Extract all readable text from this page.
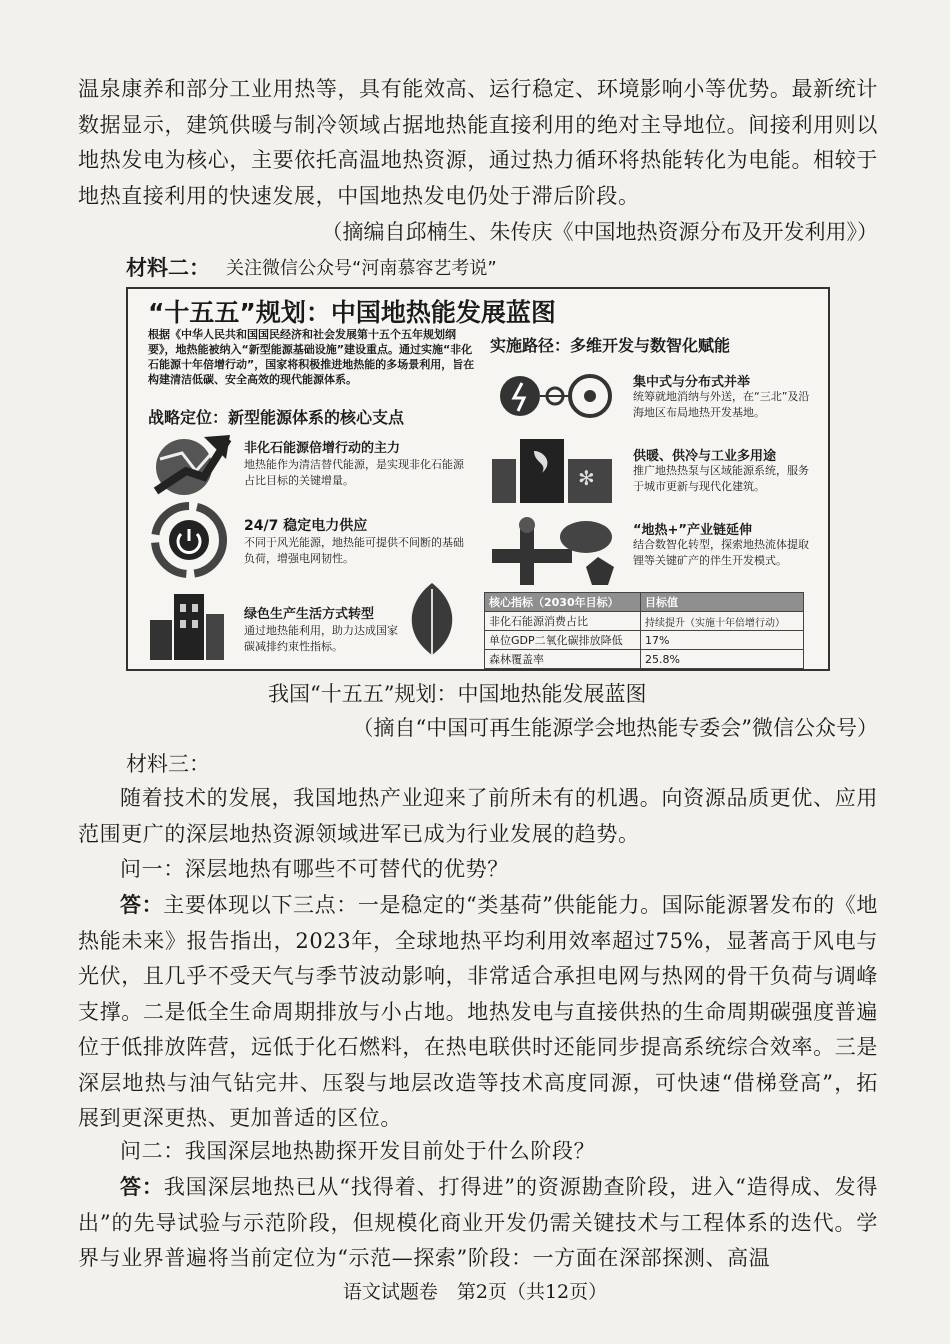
温泉康养和部分工业用热等，具有能效高、运行稳定、环境影响小等优势。最新统计数据显示，建筑供暖与制冷领域占据地热能直接利用的绝对主导地位。间接利用则以地热发电为核心，主要依托高温地热资源，通过热力循环将热能转化为电能。相较于地热直接利用的快速发展，中国地热发电仍处于滞后阶段。

（摘编自邱楠生、朱传庆《中国地热资源分布及开发利用》）
材料二： 关注微信公众号“河南慕容艺考说”
“十五五”规划：中国地热能发展蓝图
根据《中华人民共和国国民经济和社会发展第十五个五年规划纲要》，地热能被纳入“新型能源基础设施”建设重点。通过实施“非化石能源十年倍增行动”，国家将积极推进地热能的多场景利用，旨在构建清洁低碳、安全高效的现代能源体系。
战略定位：新型能源体系的核心支点
实施路径：多维开发与数智化赋能
非化石能源倍增行动的主力
地热能作为清洁替代能源，是实现非化石能源占比目标的关键增量。
24/7 稳定电力供应
不同于风光能源，地热能可提供不间断的基础负荷，增强电网韧性。
绿色生产生活方式转型
通过地热能利用，助力达成国家碳减排约束性指标。
✻
集中式与分布式并举
统筹就地消纳与外送，在“三北”及沿海地区布局地热开发基地。
供暖、供冷与工业多用途
推广地热热泵与区域能源系统，服务于城市更新与现代化建筑。
“地热+”产业链延伸
结合数智化转型，探索地热流体提取锂等关键矿产的伴生开发模式。
核心指标（2030年目标）	目标值
非化石能源消费占比	持续提升（实施十年倍增行动）
单位GDP二氧化碳排放降低	17%
森林覆盖率	25.8%
我国“十五五”规划：中国地热能发展蓝图
（摘自“中国可再生能源学会地热能专委会”微信公众号）
材料三：

随着技术的发展，我国地热产业迎来了前所未有的机遇。向资源品质更优、应用范围更广的深层地热资源领域进军已成为行业发展的趋势。

问一：深层地热有哪些不可替代的优势？

答：主要体现以下三点：一是稳定的“类基荷”供能能力。国际能源署发布的《地热能未来》报告指出，2023年，全球地热平均利用效率超过75%，显著高于风电与光伏，且几乎不受天气与季节波动影响，非常适合承担电网与热网的骨干负荷与调峰支撑。二是低全生命周期排放与小占地。地热发电与直接供热的生命周期碳强度普遍位于低排放阵营，远低于化石燃料，在热电联供时还能同步提高系统综合效率。三是深层地热与油气钻完井、压裂与地层改造等技术高度同源，可快速“借梯登高”，拓展到更深更热、更加普适的区位。

问二：我国深层地热勘探开发目前处于什么阶段？

答：我国深层地热已从“找得着、打得进”的资源勘查阶段，进入“造得成、发得出”的先导试验与示范阶段，但规模化商业开发仍需关键技术与工程体系的迭代。学界与业界普遍将当前定位为“示范—探索”阶段：一方面在深部探测、高温

语文试题卷　第2页（共12页）
